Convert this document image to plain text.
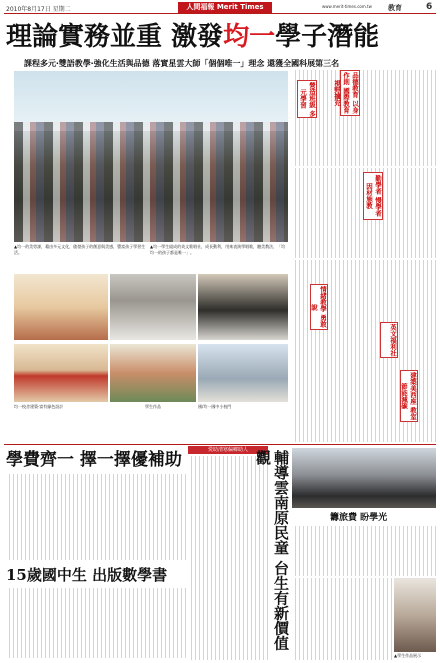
2010年8月17日 星期二	人間福報 Merit Times	www.merit-times.com.tw 教育	6
理論實務並重 激發均一學子潛能
課程多元‧雙語教學‧強化生活與品德 落實星雲大師「個個唯一」理念 還獲全國科展第三名
▲均一的美勞課，藉由多元文化，啟發孩子的創意與美感，豐富孩子學習生活。
▲均一學生組成的英文歌唱社，成長動利，用來表演學唱歌，聽美教法，「均均一的孩子都是唯一」。
均一校舍建築‧富有綠色設計	學生作品	國/均一國中小校門
品德教育 以身作則 國際教育 視野擴充
營造班級 多元學習
勤學者 慢學者 因材施教
情緒教學 勇敢說
英文福利社
建築美西座 教室節能減碳
學費齊一 擇一擇優補助
15歲國中生 出版數學書
愛助清寒偏鄉助人	輔導雲南原民童 台生有新價值觀
籌旅費 盼學光
▲學生作品展示
